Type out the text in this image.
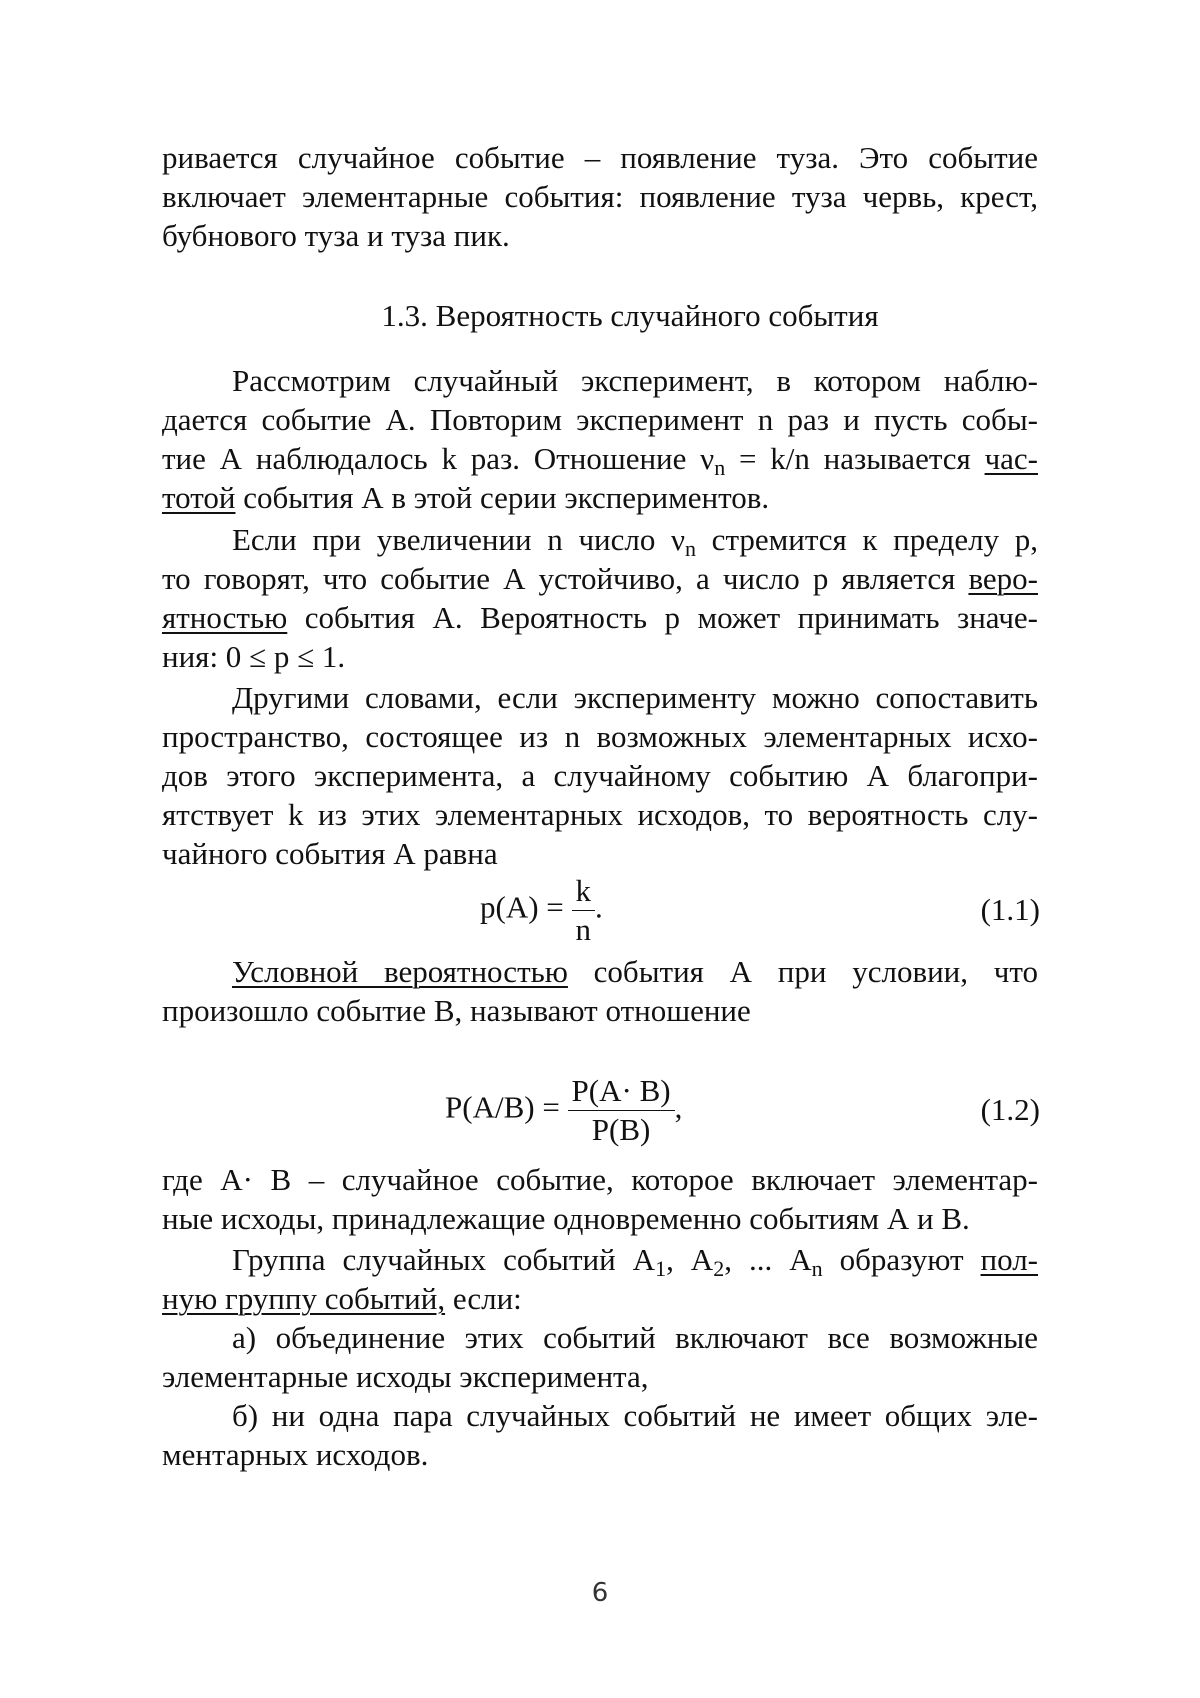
ривается случайное событие – появление туза. Это событие
включает элементарные события: появление туза червь, крест,
бубнового туза и туза пик.
1.3. Вероятность случайного события
Рассмотрим случайный эксперимент, в котором наблю-
дается событие А. Повторим эксперимент n раз и пусть собы-
тие А наблюдалось k раз. Отношение $\nu_n = k/n$ называется час-
тотой события А в этой серии экспериментов.
Если при увеличении n число $\nu_n$ стремится к пределу p,
то говорят, что событие А устойчиво, а число р является веро-
ятностью события А. Вероятность р может принимать значе-
ния: 0 ≤ p ≤ 1.
Другими словами, если эксперименту можно сопоставить
пространство, состоящее из n возможных элементарных исхо-
дов этого эксперимента, а случайному событию А благопри-
ятствует k из этих элементарных исходов, то вероятность слу-
чайного события А равна
$p(A) = \frac{k}{n}$ .	(1.1)
Условной вероятностью события А при условии, что
произошло событие В, называют отношение
$P(A/B) = \frac{P(A\cdot B)}{P(B)}$ ,	(1.2)
где A· B – случайное событие, которое включает элементар-
ные исходы, принадлежащие одновременно событиям А и В.
Группа случайных событий $А_1$, $А_2$, ... $А_n$ образуют пол-
ную группу событий, если:
а) объединение этих событий включают все возможные
элементарные исходы эксперимента,
б) ни одна пара случайных событий не имеет общих эле-
ментарных исходов.
6
